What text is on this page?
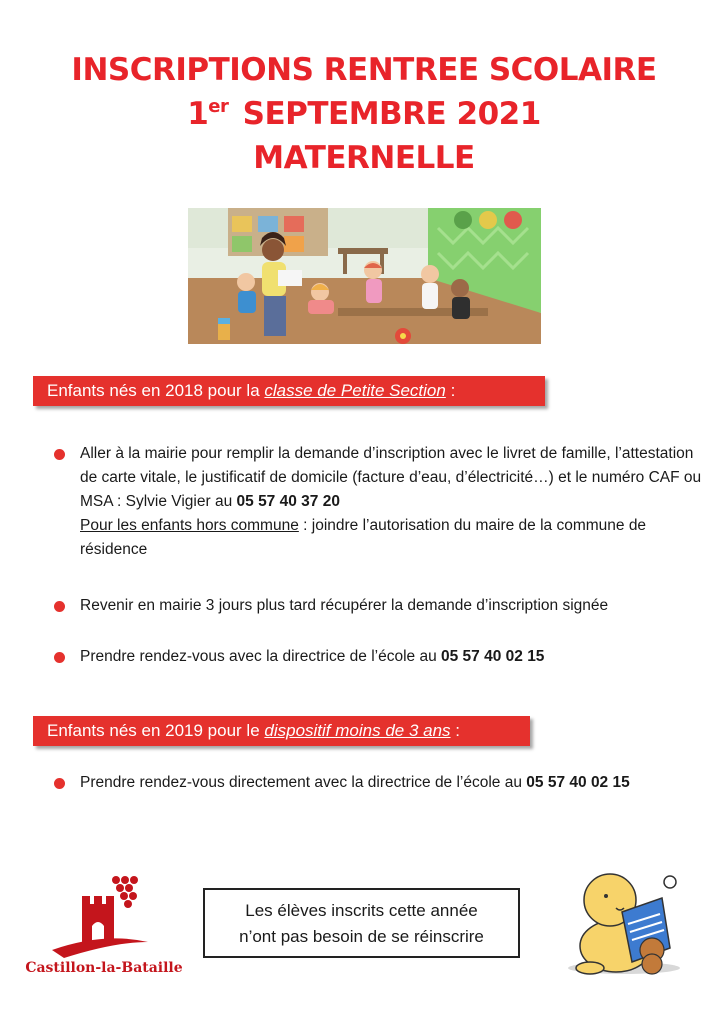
INSCRIPTIONS RENTREE SCOLAIRE
1er SEPTEMBRE 2021
MATERNELLE
Enfants nés en 2018 pour la classe de Petite Section :
Aller à la mairie pour remplir la demande d’inscription avec le livret de famille, l’attestation de carte vitale, le justificatif de domicile (facture d’eau, d’électricité…) et le numéro CAF ou MSA : Sylvie Vigier au 05 57 40 37 20
Pour les enfants hors commune : joindre l’autorisation du maire de la commune de résidence
Revenir en mairie 3 jours plus tard récupérer la demande d’inscription signée
Prendre rendez-vous avec la directrice de l’école au 05 57 40 02 15
Enfants nés en 2019 pour le dispositif moins de 3 ans :
Prendre rendez-vous directement avec la directrice de l’école au 05 57 40 02 15
Castillon-la-Bataille
Les élèves inscrits cette année
n’ont pas besoin de se réinscrire
